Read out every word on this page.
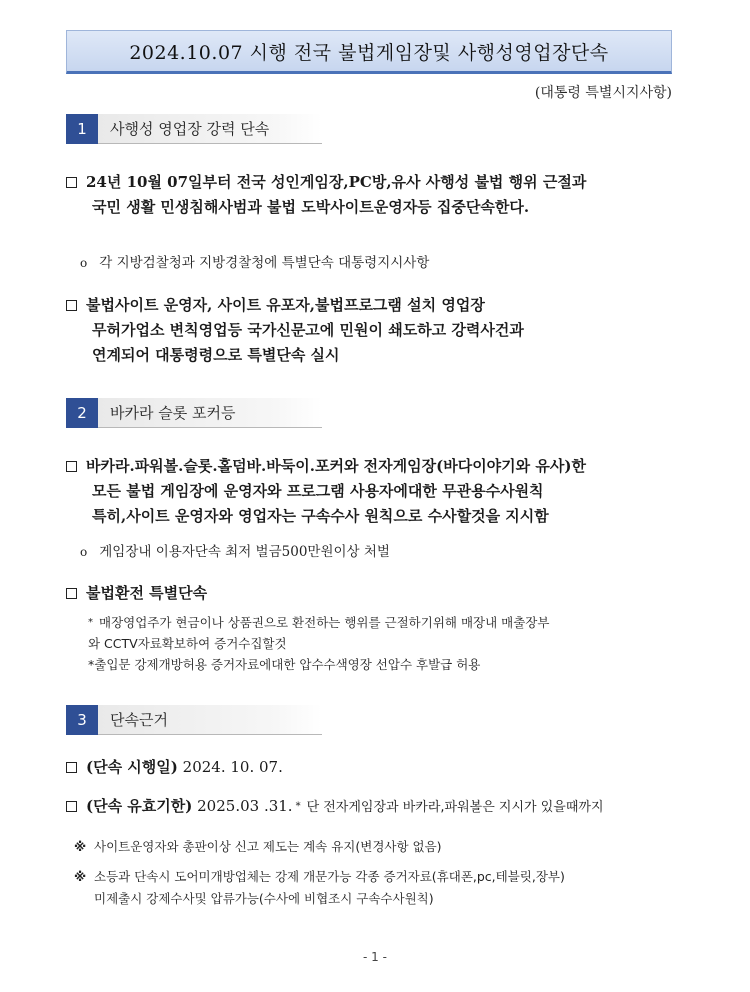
2024.10.07 시행 전국 불법게임장및 사행성영업장단속
(대통령 특별시지사항)
1	사행성 영업장 강력 단속
24년 10월 07일부터 전국 성인게임장,PC방,유사 사행성 불법 행위 근절과
국민 생활 민생침해사범과 불법 도박사이트운영자등 집중단속한다.
o 각 지방검찰청과 지방경찰청에 특별단속 대통령지시사항
불법사이트 운영자, 사이트 유포자,불법프로그램 설치 영업장
무허가업소 변칙영업등 국가신문고에 민원이 쇄도하고 강력사건과
연계되어 대통령령으로 특별단속 실시
2	바카라 슬롯 포커등
바카라.파워볼.슬롯.홀덤바.바둑이.포커와 전자게임장(바다이야기와 유사)한
모든 불법 게임장에 운영자와 프로그램 사용자에대한 무관용수사원칙
특히,사이트 운영자와 영업자는 구속수사 원칙으로 수사할것을 지시함
o 게임장내 이용자단속 최저 벌금500만원이상 처벌
불법환전 특별단속
* 매장영업주가 현금이나 상품권으로 환전하는 행위를 근절하기위해 매장내 매출장부
와 CCTV자료확보하여 증거수집할것
*출입문 강제개방허용 증거자료에대한 압수수색영장 선압수 후발급 허용
3	단속근거
(단속 시행일) 2024. 10. 07.
(단속 유효기한) 2025.03 .31. * 단 전자게임장과 바카라,파워볼은 지시가 있을때까지
※ 사이트운영자와 총판이상 신고 제도는 계속 유지(변경사항 없음)
※ 소등과 단속시 도어미개방업체는 강제 개문가능 각종 증거자료(휴대폰,pc,테블릿,장부)
미제출시 강제수사및 압류가능(수사에 비협조시 구속수사원칙)
- 1 -
